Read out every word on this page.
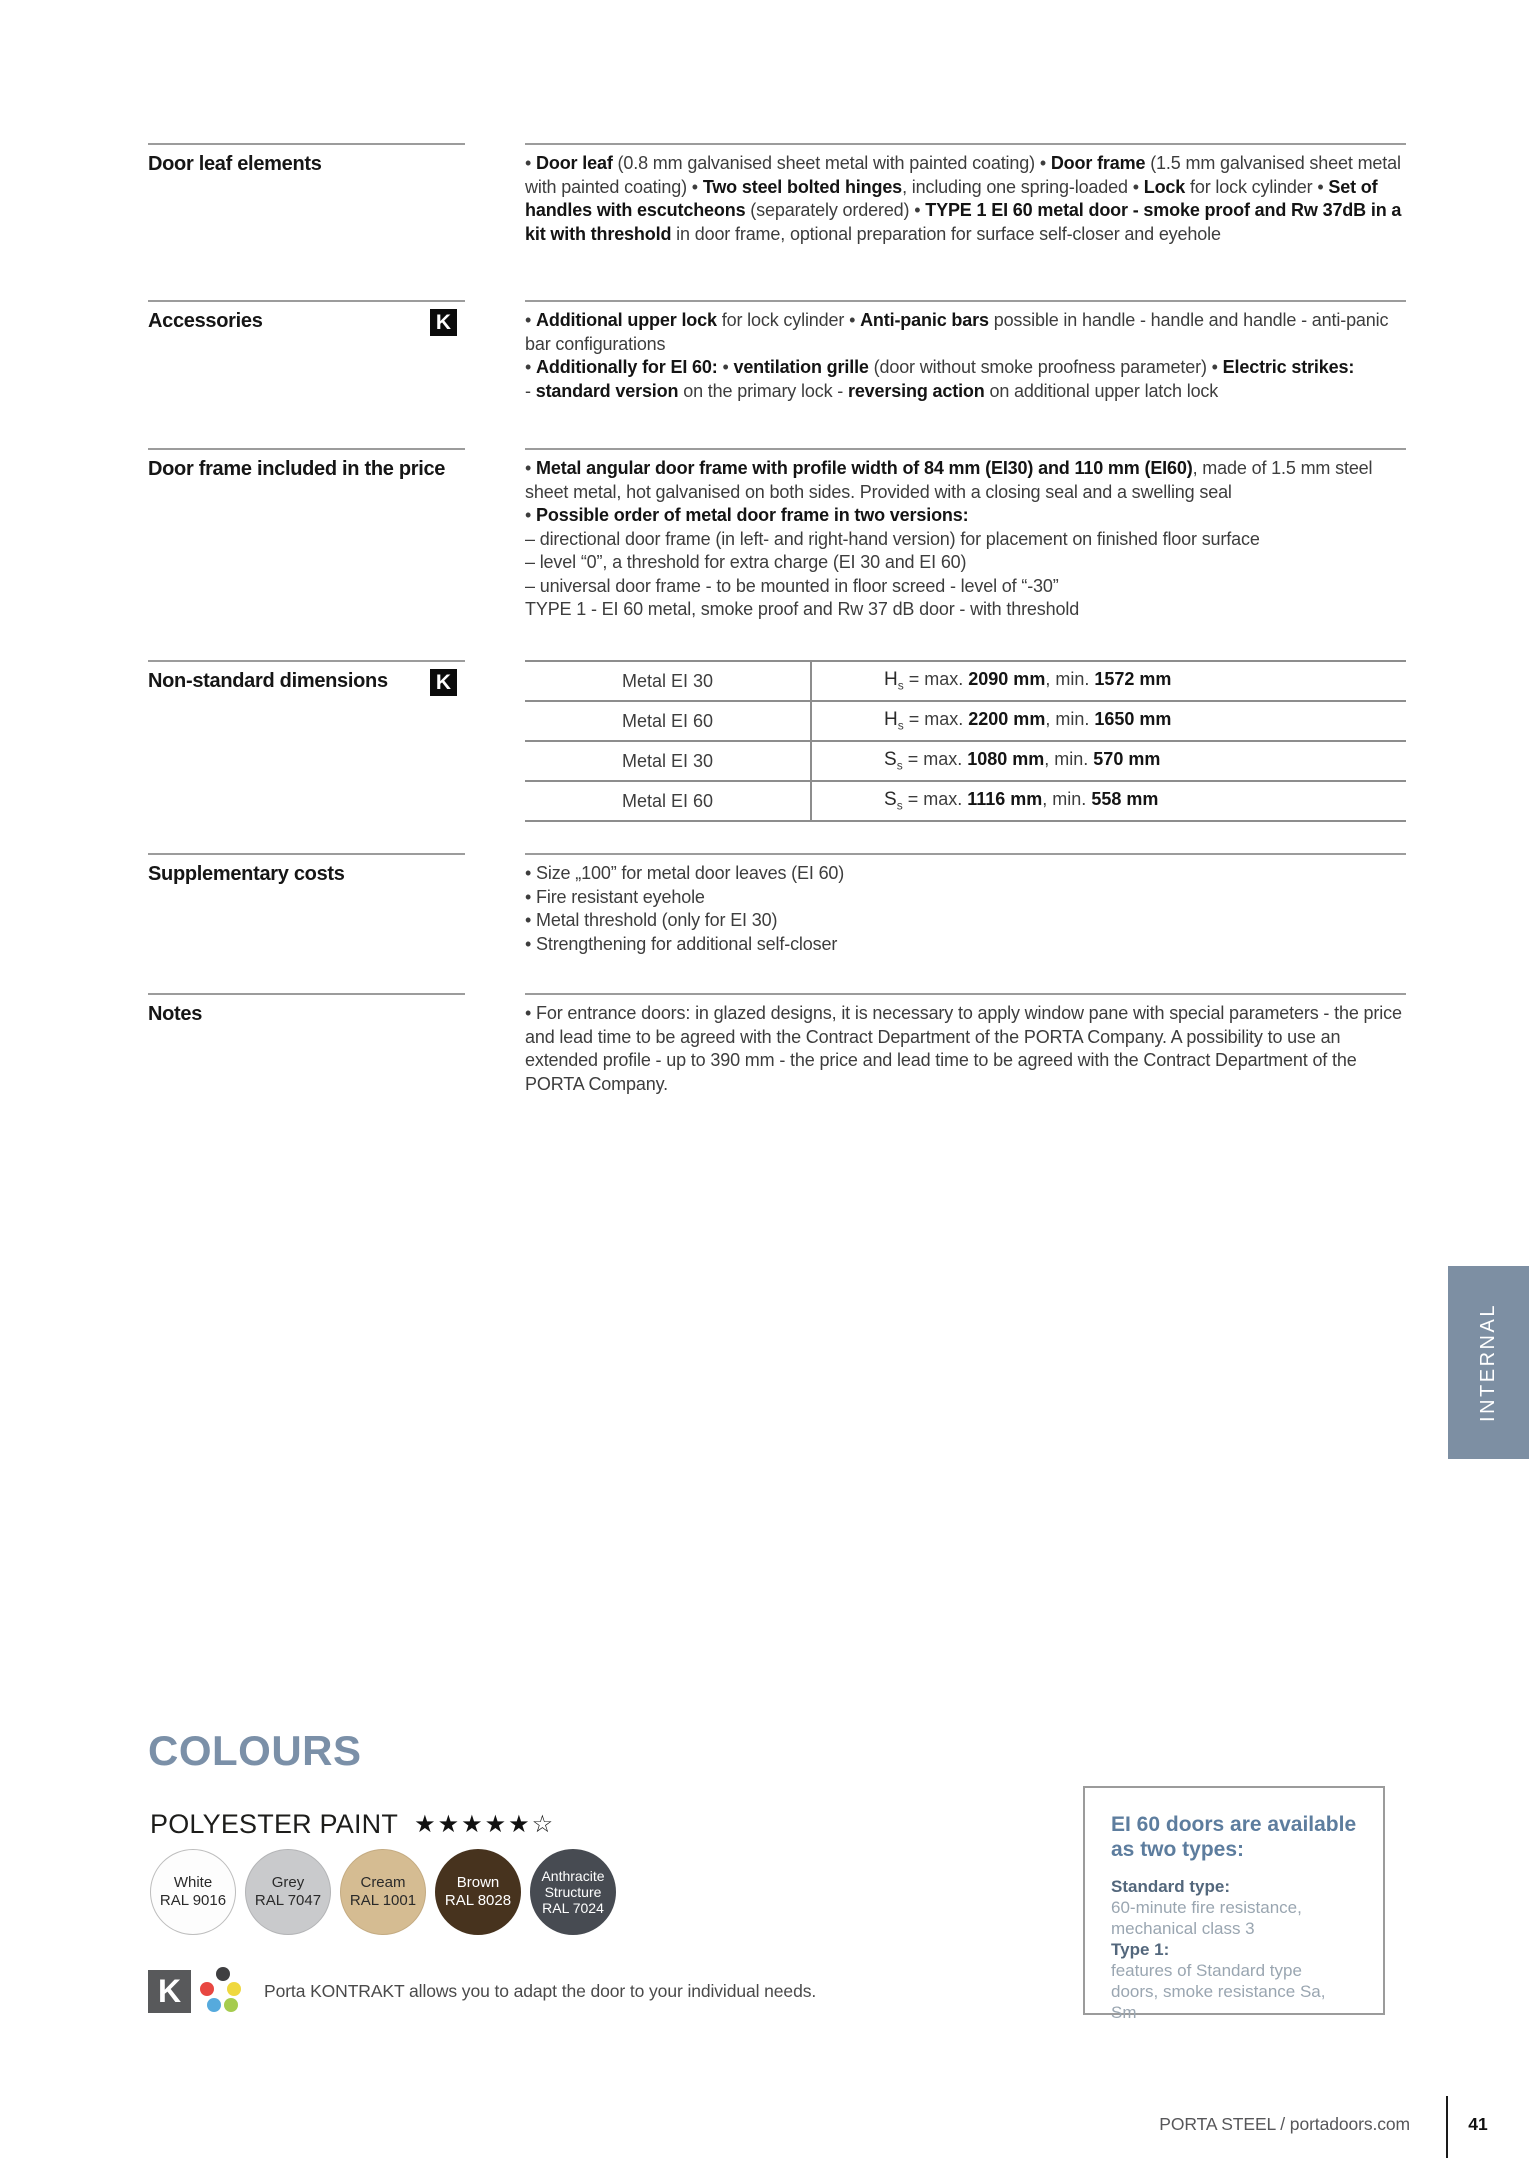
Door leaf elements	• Door leaf (0.8 mm galvanised sheet metal with painted coating) • Door frame (1.5 mm galvanised sheet metal with painted coating) • Two steel bolted hinges, including one spring-loaded • Lock for lock cylinder • Set of handles with escutcheons (separately ordered) • TYPE 1 EI 60 metal door - smoke proof and Rw 37dB in a kit with threshold in door frame, optional preparation for surface self-closer and eyehole

Accessories	K	• Additional upper lock for lock cylinder • Anti-panic bars possible in handle - handle and handle - anti-panic bar configurations

• Additionally for EI 60: • ventilation grille (door without smoke proofness parameter) • Electric strikes:

- standard version on the primary lock - reversing action on additional upper latch lock

Door frame included in the price	• Metal angular door frame with profile width of 84 mm (EI30) and 110 mm (EI60), made of 1.5 mm steel sheet metal, hot galvanised on both sides. Provided with a closing seal and a swelling seal

• Possible order of metal door frame in two versions:

– directional door frame (in left- and right-hand version) for placement on finished floor surface

– level “0”, a threshold for extra charge (EI 30 and EI 60)

– universal door frame - to be mounted in floor screed - level of “-30”

TYPE 1 - EI 60 metal, smoke proof and Rw 37 dB door - with threshold

Non-standard dimensions	K	Metal EI 30	$H_s = \max$. 2090 mm, min. 1572 mm
Metal EI 60	$H_s = \max$. 2200 mm, min. 1650 mm
Metal EI 30	$S_s = \max$. 1080 mm, min. 570 mm
Metal EI 60	$S_s = \max$. 1116 mm, min. 558 mm
Supplementary costs	• Size „100” for metal door leaves (EI 60)

• Fire resistant eyehole

• Metal threshold (only for EI 30)

• Strengthening for additional self-closer

Notes	• For entrance doors: in glazed designs, it is necessary to apply window pane with special parameters - the price and lead time to be agreed with the Contract Department of the PORTA Company. A possibility to use an extended profile - up to 390 mm - the price and lead time to be agreed with the Contract Department of the PORTA Company.

INTERNAL
COLOURS
POLYESTER PAINT ★★★★★☆
White
RAL 9016
Grey
RAL 7047
Cream
RAL 1001
Brown
RAL 8028
Anthracite Structure
RAL 7024
K	Porta KONTRAKT allows you to adapt the door to your individual needs.
EI 60 doors are available as two types:
Standard type:
60-minute fire resistance, mechanical class 3
Type 1:
features of Standard type doors, smoke resistance Sa, Sm
PORTA STEEL / portadoors.com	41
